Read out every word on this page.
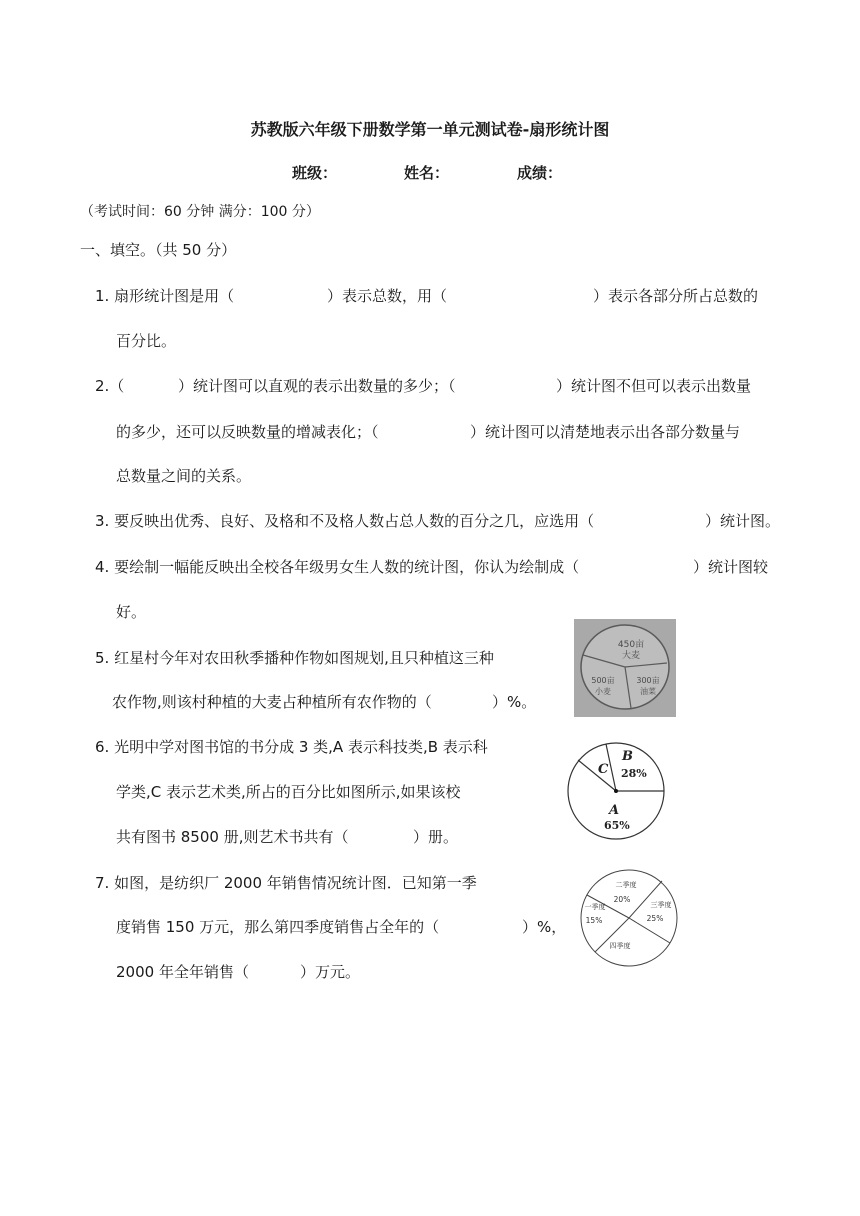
苏教版六年级下册数学第一单元测试卷-扇形统计图
班级：	姓名：	成绩：
（考试时间：60 分钟 满分：100 分）
一、填空。（共 50 分）
1. 扇形统计图是用（	）表示总数，用（	）表示各部分所占总数的
百分比。
2.（	）统计图可以直观的表示出数量的多少；（	）统计图不但可以表示出数量
的多少，还可以反映数量的增减表化；（	）统计图可以清楚地表示出各部分数量与
总数量之间的关系。
3. 要反映出优秀、良好、及格和不及格人数占总人数的百分之几，应选用（	）统计图。
4. 要绘制一幅能反映出全校各年级男女生人数的统计图，你认为绘制成（	）统计图较
好。
5. 红星村今年对农田秋季播种作物如图规划,且只种植这三种
农作物,则该村种植的大麦占种植所有农作物的（	）%。
450亩
大麦
300亩
油菜
500亩
小麦
6. 光明中学对图书馆的书分成 3 类,A 表示科技类,B 表示科
学类,C 表示艺术类,所占的百分比如图所示,如果该校
共有图书 8500 册,则艺术书共有（	）册。
C
B
28%
A
65%
7. 如图，是纺织厂 2000 年销售情况统计图．已知第一季
度销售 150 万元，那么第四季度销售占全年的（	）%，
2000 年全年销售（	）万元。
二季度
20%
一季度
15%
三季度
25%
四季度
